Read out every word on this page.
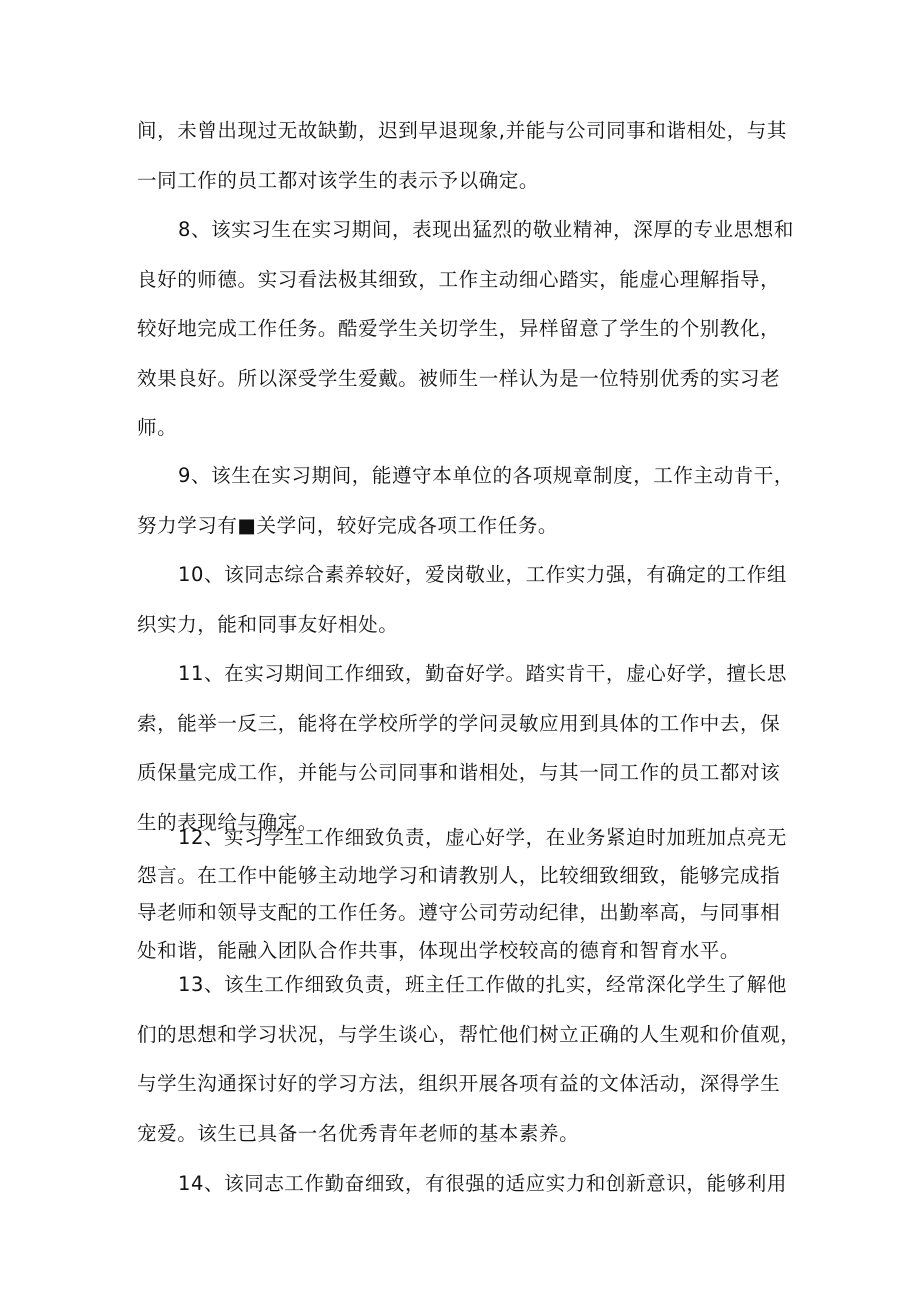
间，未曾出现过无故缺勤，迟到早退现象,并能与公司同事和谐相处，与其
一同工作的员工都对该学生的表示予以确定。

8、该实习生在实习期间，表现出猛烈的敬业精神，深厚的专业思想和
良好的师德。实习看法极其细致，工作主动细心踏实，能虚心理解指导，
较好地完成工作任务。酷爱学生关切学生，异样留意了学生的个别教化，
效果良好。所以深受学生爱戴。被师生一样认为是一位特别优秀的实习老
师。

9、该生在实习期间，能遵守本单位的各项规章制度，工作主动肯干，
努力学习有■关学问，较好完成各项工作任务。

10、该同志综合素养较好，爱岗敬业，工作实力强，有确定的工作组
织实力，能和同事友好相处。

11、在实习期间工作细致，勤奋好学。踏实肯干，虚心好学，擅长思
索，能举一反三，能将在学校所学的学问灵敏应用到具体的工作中去，保
质保量完成工作，并能与公司同事和谐相处，与其一同工作的员工都对该
生的表现给与确定。

12、实习学生工作细致负责，虚心好学，在业务紧迫时加班加点亮无
怨言。在工作中能够主动地学习和请教别人，比较细致细致，能够完成指
导老师和领导支配的工作任务。遵守公司劳动纪律，出勤率高，与同事相
处和谐，能融入团队合作共事，体现出学校较高的德育和智育水平。

13、该生工作细致负责，班主任工作做的扎实，经常深化学生了解他
们的思想和学习状况，与学生谈心，帮忙他们树立正确的人生观和价值观，
与学生沟通探讨好的学习方法，组织开展各项有益的文体活动，深得学生
宠爱。该生已具备一名优秀青年老师的基本素养。

14、该同志工作勤奋细致，有很强的适应实力和创新意识，能够利用
